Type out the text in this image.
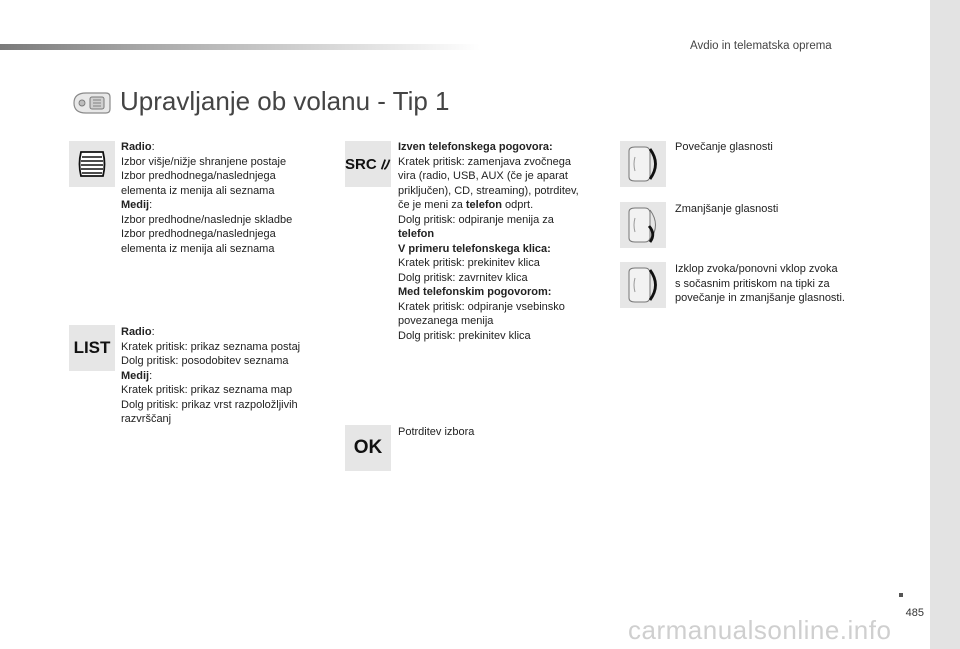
Avdio in telematska oprema
Upravljanje ob volanu - Tip 1

Radio:

Izbor višje/nižje shranjene postaje

Izbor predhodnega/naslednjega

elementa iz menija ali seznama

Medij:

Izbor predhodne/naslednje skladbe

Izbor predhodnega/naslednjega

elementa iz menija ali seznama

LIST

Radio:

Kratek pritisk: prikaz seznama postaj

Dolg pritisk: posodobitev seznama

Medij:

Kratek pritisk: prikaz seznama map

Dolg pritisk: prikaz vrst razpoložljivih

razvrščanj

SRC

Izven telefonskega pogovora:

Kratek pritisk: zamenjava zvočnega

vira (radio, USB, AUX (če je aparat

priključen), CD, streaming), potrditev,

če je meni za telefon odprt.

Dolg pritisk: odpiranje menija za

telefon

V primeru telefonskega klica:

Kratek pritisk: prekinitev klica

Dolg pritisk: zavrnitev klica

Med telefonskim pogovorom:

Kratek pritisk: odpiranje vsebinsko

povezanega menija

Dolg pritisk: prekinitev klica

OK

Potrditev izbora

Povečanje glasnosti

Zmanjšanje glasnosti

Izklop zvoka/ponovni vklop zvoka

s sočasnim pritiskom na tipki za

povečanje in zmanjšanje glasnosti.

485
carmanualsonline.info
